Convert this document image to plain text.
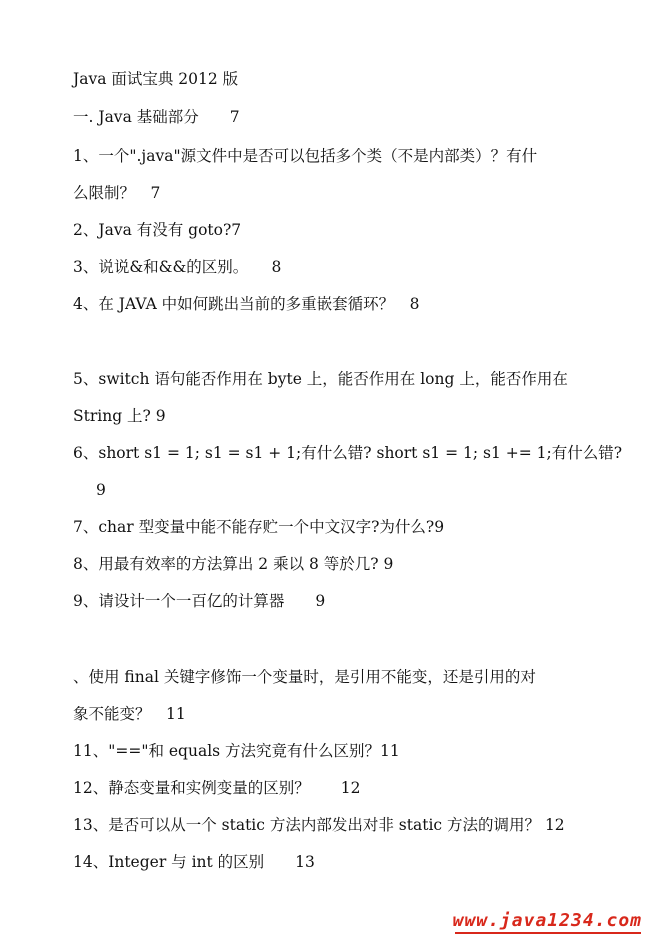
Java 面试宝典 2012 版
一. Java 基础部分　　7
1、一个".java"源文件中是否可以包括多个类（不是内部类）？有什
么限制？　7
2、Java 有没有 goto?7
3、说说&和&&的区别。　　8
4、在 JAVA 中如何跳出当前的多重嵌套循环？　8
5、switch 语句能否作用在 byte 上，能否作用在 long 上，能否作用在
String 上? 9
6、short s1 = 1; s1 = s1 + 1;有什么错? short s1 = 1; s1 += 1;有什么错?
9
7、char 型变量中能不能存贮一个中文汉字?为什么?9
8、用最有效率的方法算出 2 乘以 8 等於几? 9
9、请设计一个一百亿的计算器　　9
、使用 final 关键字修饰一个变量时，是引用不能变，还是引用的对
象不能变？　11
11、"=="和 equals 方法究竟有什么区别？11
12、静态变量和实例变量的区别？　　12
13、是否可以从一个 static 方法内部发出对非 static 方法的调用？ 12
14、Integer 与 int 的区别　　13
www.java1234.com
